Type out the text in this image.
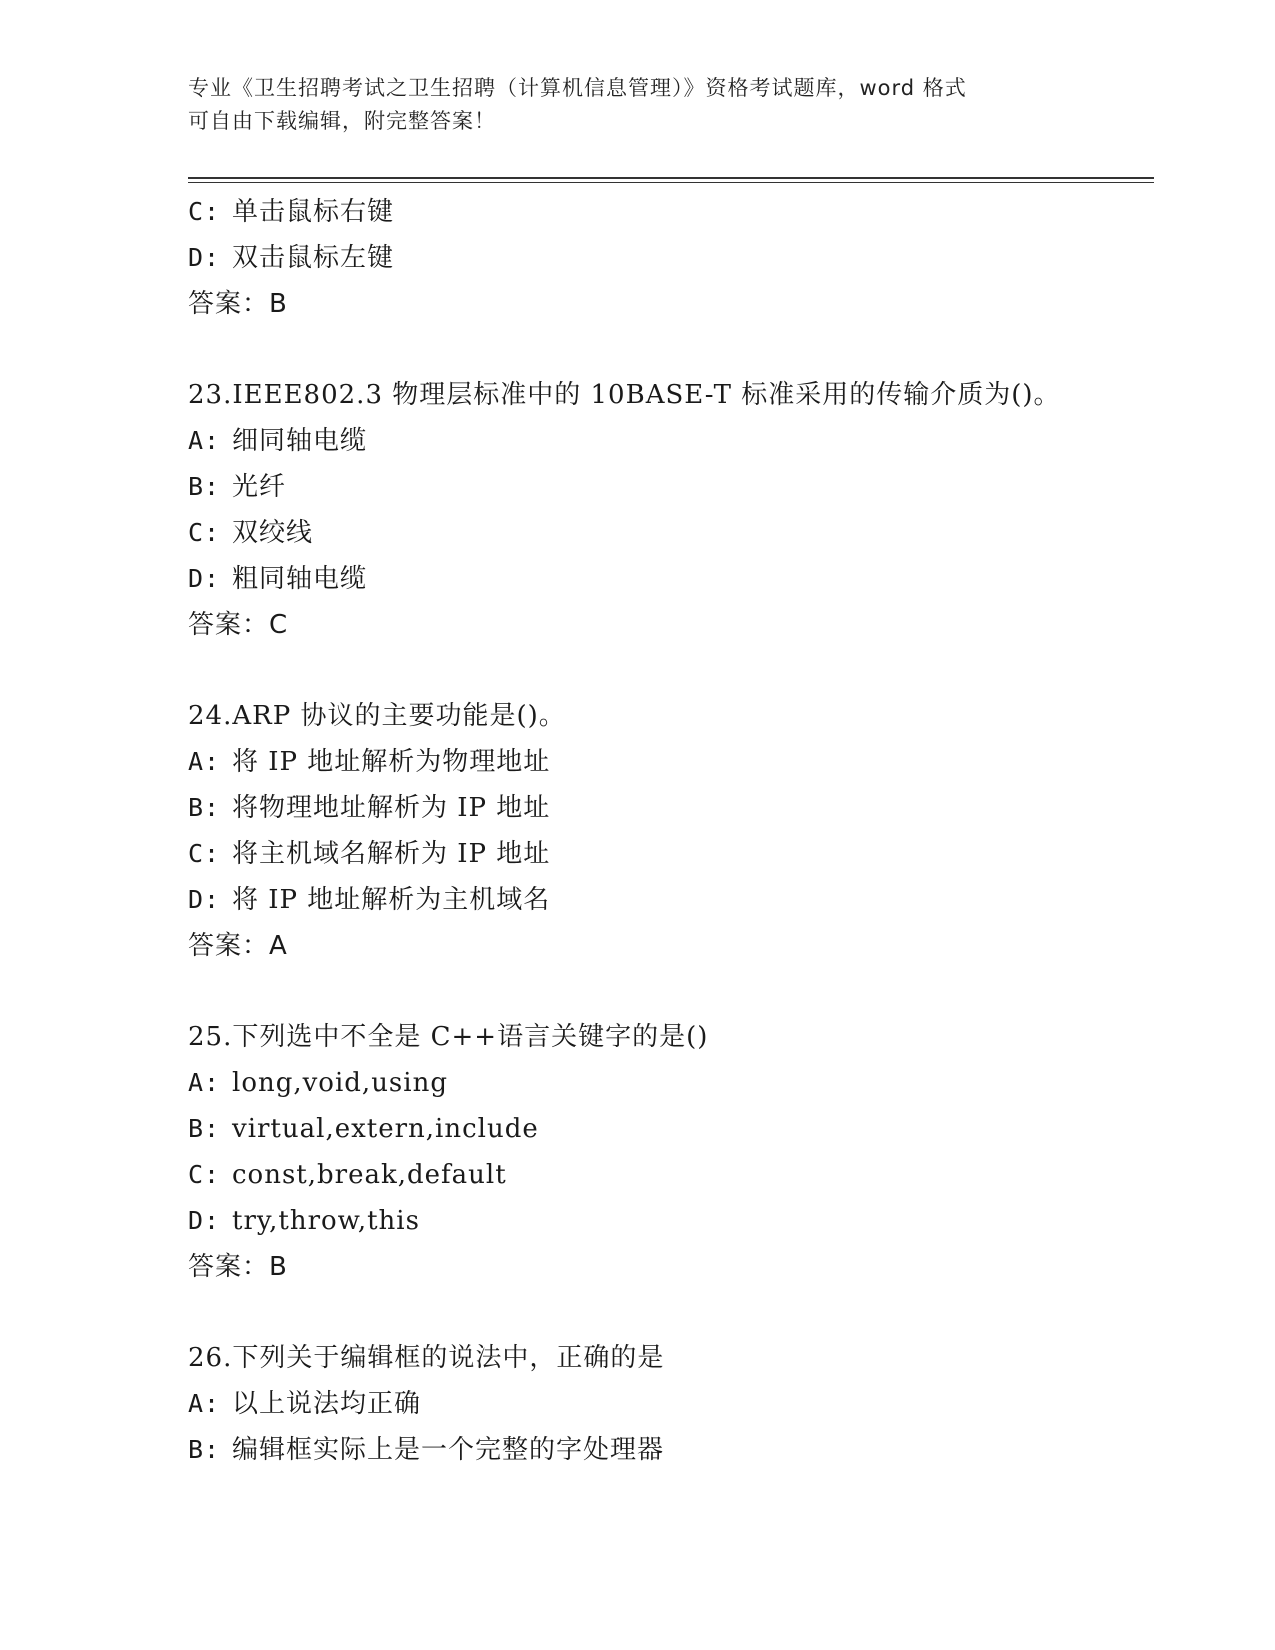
专业《卫生招聘考试之卫生招聘（计算机信息管理）》资格考试题库，word 格式
可自由下载编辑，附完整答案！
C: 单击鼠标右键
D: 双击鼠标左键
答案：B
23.IEEE802.3 物理层标准中的 10BASE-T 标准采用的传输介质为()。
A: 细同轴电缆
B: 光纤
C: 双绞线
D: 粗同轴电缆
答案：C
24.ARP 协议的主要功能是()。
A: 将 IP 地址解析为物理地址
B: 将物理地址解析为 IP 地址
C: 将主机域名解析为 IP 地址
D: 将 IP 地址解析为主机域名
答案：A
25.下列选中不全是 C++语言关键字的是()
A: long,void,using
B: virtual,extern,include
C: const,break,default
D: try,throw,this
答案：B
26.下列关于编辑框的说法中，正确的是
A: 以上说法均正确
B: 编辑框实际上是一个完整的字处理器
